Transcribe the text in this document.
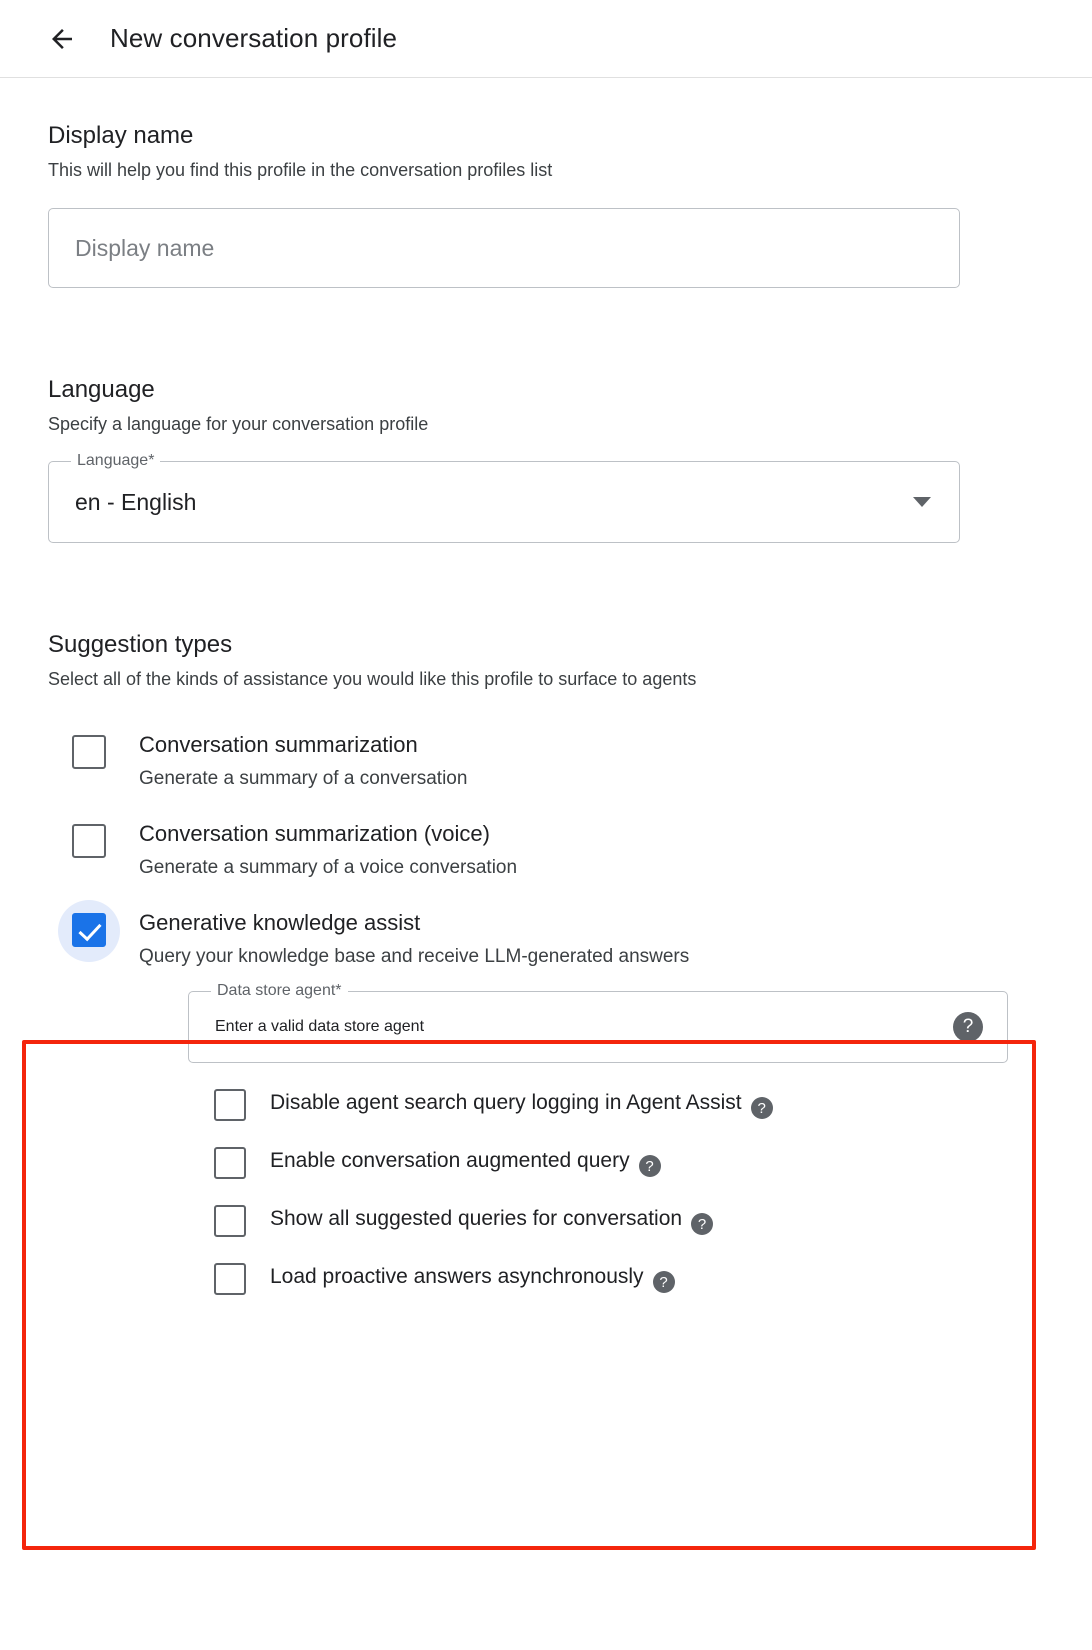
New conversation profile
Display name

This will help you find this profile in the conversation profiles list

Display name
Language

Specify a language for your conversation profile

Language*
en - English
Suggestion types

Select all of the kinds of assistance you would like this profile to surface to agents

Conversation summarization
Generate a summary of a conversation
Conversation summarization (voice)
Generate a summary of a voice conversation
Generative knowledge assist
Query your knowledge base and receive LLM-generated answers
Data store agent*
Enter a valid data store agent	?
Disable agent search query logging in Agent Assist ?
Enable conversation augmented query ?
Show all suggested queries for conversation ?
Load proactive answers asynchronously ?
